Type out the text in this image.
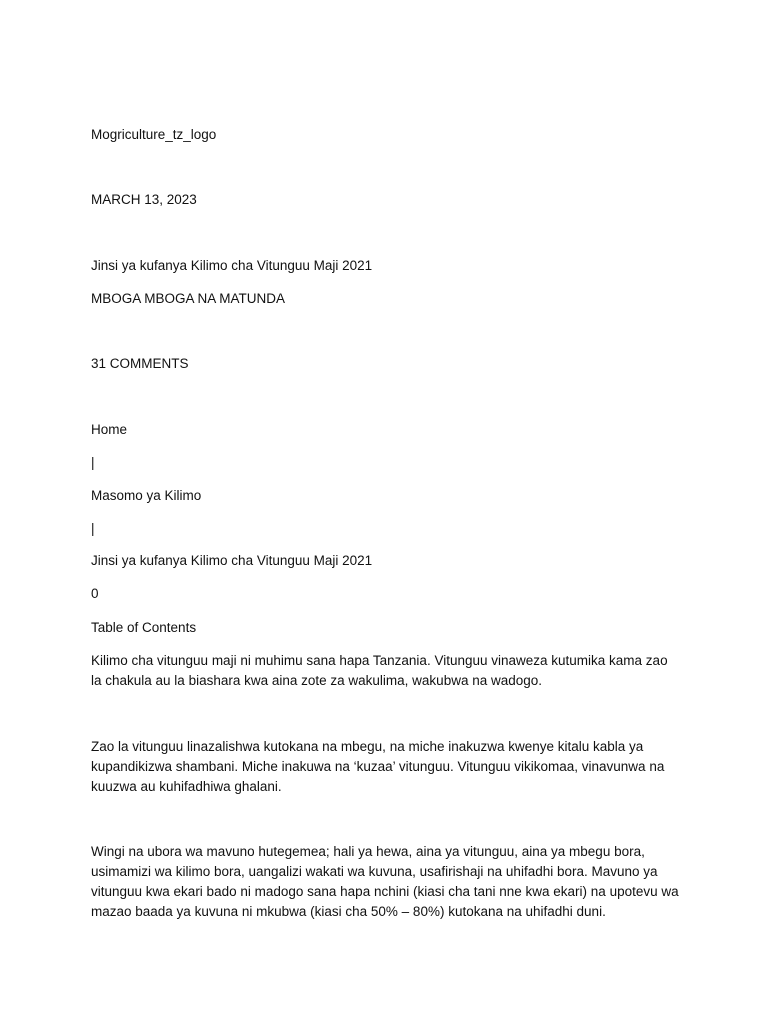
Mogriculture_tz_logo
MARCH 13, 2023
Jinsi ya kufanya Kilimo cha Vitunguu Maji 2021
MBOGA MBOGA NA MATUNDA
31 COMMENTS
Home
|
Masomo ya Kilimo
|
Jinsi ya kufanya Kilimo cha Vitunguu Maji 2021
0
Table of Contents
Kilimo cha vitunguu maji ni muhimu sana hapa Tanzania. Vitunguu vinaweza kutumika kama zao la chakula au la biashara kwa aina zote za wakulima, wakubwa na wadogo.
Zao la vitunguu linazalishwa kutokana na mbegu, na miche inakuzwa kwenye kitalu kabla ya kupandikizwa shambani. Miche inakuwa na ‘kuzaa’ vitunguu. Vitunguu vikikomaa, vinavunwa na kuuzwa au kuhifadhiwa ghalani.
Wingi na ubora wa mavuno hutegemea; hali ya hewa, aina ya vitunguu, aina ya mbegu bora, usimamizi wa kilimo bora, uangalizi wakati wa kuvuna, usafirishaji na uhifadhi bora. Mavuno ya vitunguu kwa ekari bado ni madogo sana hapa nchini (kiasi cha tani nne kwa ekari) na upotevu wa mazao baada ya kuvuna ni mkubwa (kiasi cha 50% – 80%) kutokana na uhifadhi duni.
